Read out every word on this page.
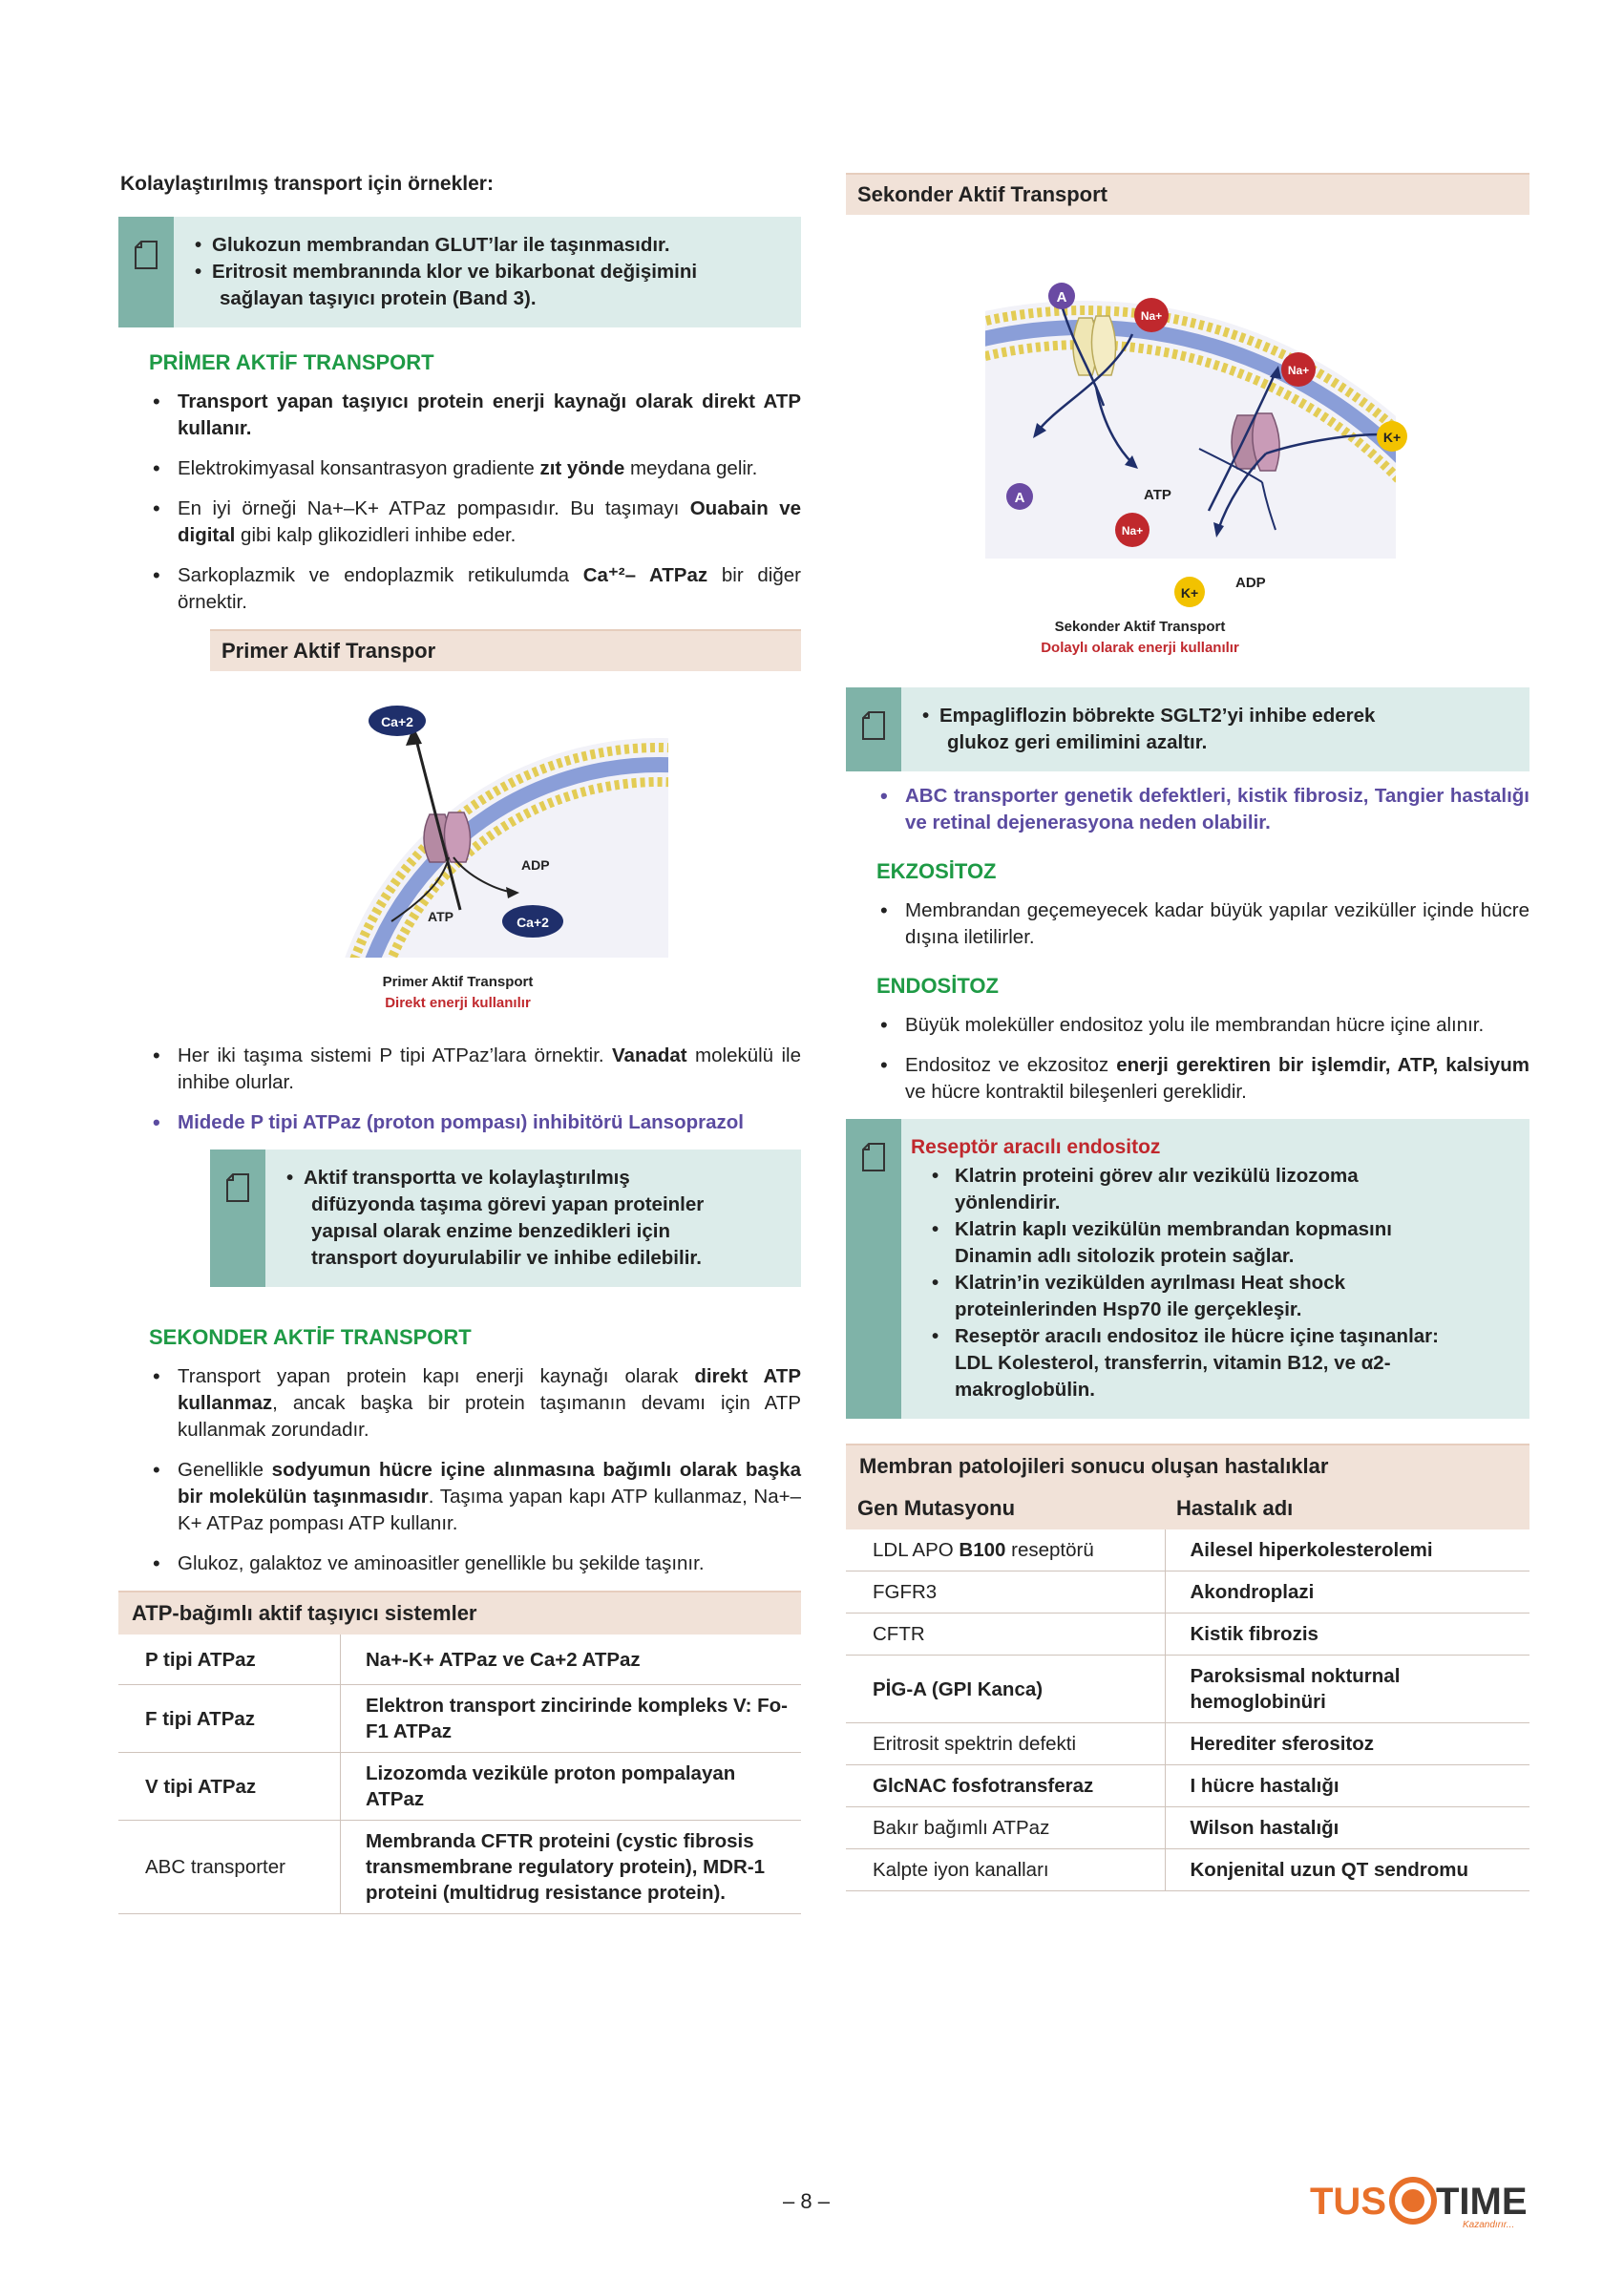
Kolaylaştırılmış transport için örnekler:
• Glukozun membrandan GLUT’lar ile taşınmasıdır.
• Eritrosit membranında klor ve bikarbonat değişimini
sağlayan taşıyıcı protein (Band 3).
PRİMER AKTİF TRANSPORT
• Transport yapan taşıyıcı protein enerji kaynağı olarak direkt ATP kullanır.
• Elektrokimyasal konsantrasyon gradiente zıt yönde meydana gelir.
• En iyi örneği Na+–K+ ATPaz pompasıdır. Bu taşımayı Ouabain ve digital gibi kalp glikozidleri inhibe eder.
• Sarkoplazmik ve endoplazmik retikulumda Ca⁺²– ATPaz bir diğer örnektir.
Primer Aktif Transpor
Ca+2
ADP
ATP	Ca+2
Primer Aktif Transport
Direkt enerji kullanılır
• Her iki taşıma sistemi P tipi ATPaz’lara örnektir. Vanadat molekülü ile inhibe olurlar.
• Midede P tipi ATPaz (proton pompası) inhibitörü Lansoprazol
• Aktif transportta ve kolaylaştırılmış
difüzyonda taşıma görevi yapan proteinler
yapısal olarak enzime benzedikleri için
transport doyurulabilir ve inhibe edilebilir.
SEKONDER AKTİF TRANSPORT
• Transport yapan protein kapı enerji kaynağı olarak direkt ATP kullanmaz, ancak başka bir protein taşımanın devamı için ATP kullanmak zorundadır.
• Genellikle sodyumun hücre içine alınmasına bağımlı olarak başka bir molekülün taşınmasıdır. Taşıma yapan kapı ATP kullanmaz, Na+–K+ ATPaz pompası ATP kullanır.
• Glukoz, galaktoz ve aminoasitler genellikle bu şekilde taşınır.
ATP-bağımlı aktif taşıyıcı sistemler	
P tipi ATPaz	Na+-K+ ATPaz ve Ca+2 ATPaz
F tipi ATPaz	Elektron transport zincirinde kompleks V: Fo-F1 ATPaz
V tipi ATPaz	Lizozomda veziküle proton pompalayan ATPaz
ABC transporter	Membranda CFTR proteini (cystic fibrosis transmembrane regulatory protein), MDR-1 proteini (multidrug resistance protein).
Sekonder Aktif Transport
A
Na+
Na+
K+
A	ATP
Na+
K+
ADP
Sekonder Aktif Transport
Dolaylı olarak enerji kullanılır
• Empagliflozin böbrekte SGLT2’yi inhibe ederek
glukoz geri emilimini azaltır.
• ABC transporter genetik defektleri, kistik fibrosiz, Tangier hastalığı ve retinal dejenerasyona neden olabilir.
EKZOSİTOZ
• Membrandan geçemeyecek kadar büyük yapılar veziküller içinde hücre dışına iletilirler.
ENDOSİTOZ
• Büyük moleküller endositoz yolu ile membrandan hücre içine alınır.
• Endositoz ve ekzositoz enerji gerektiren bir işlemdir, ATP, kalsiyum ve hücre kontraktil bileşenleri gereklidir.
Reseptör aracılı endositoz
• Klatrin proteini görev alır vezikülü lizozoma
yönlendirir.
• Klatrin kaplı vezikülün membrandan kopmasını
Dinamin adlı sitolozik protein sağlar.
• Klatrin’in vezikülden ayrılması Heat shock
proteinlerinden Hsp70 ile gerçekleşir.
• Reseptör aracılı endositoz ile hücre içine taşınanlar:
LDL Kolesterol, transferrin, vitamin B12, ve α2-
makroglobülin.
Membran patolojileri sonucu oluşan hastalıklar	
Gen Mutasyonu	Hastalık adı
LDL APO B100 reseptörü	Ailesel hiperkolesterolemi
FGFR3	Akondroplazi
CFTR	Kistik fibrozis
PİG-A (GPI Kanca)	Paroksismal nokturnal hemoglobinüri
Eritrosit spektrin defekti	Herediter sferositoz
GlcNAC fosfotransferaz	I hücre hastalığı
Bakır bağımlı ATPaz	Wilson hastalığı
Kalpte iyon kanalları	Konjenital uzun QT sendromu
– 8 –	TUS TIME
Kazandırır...
